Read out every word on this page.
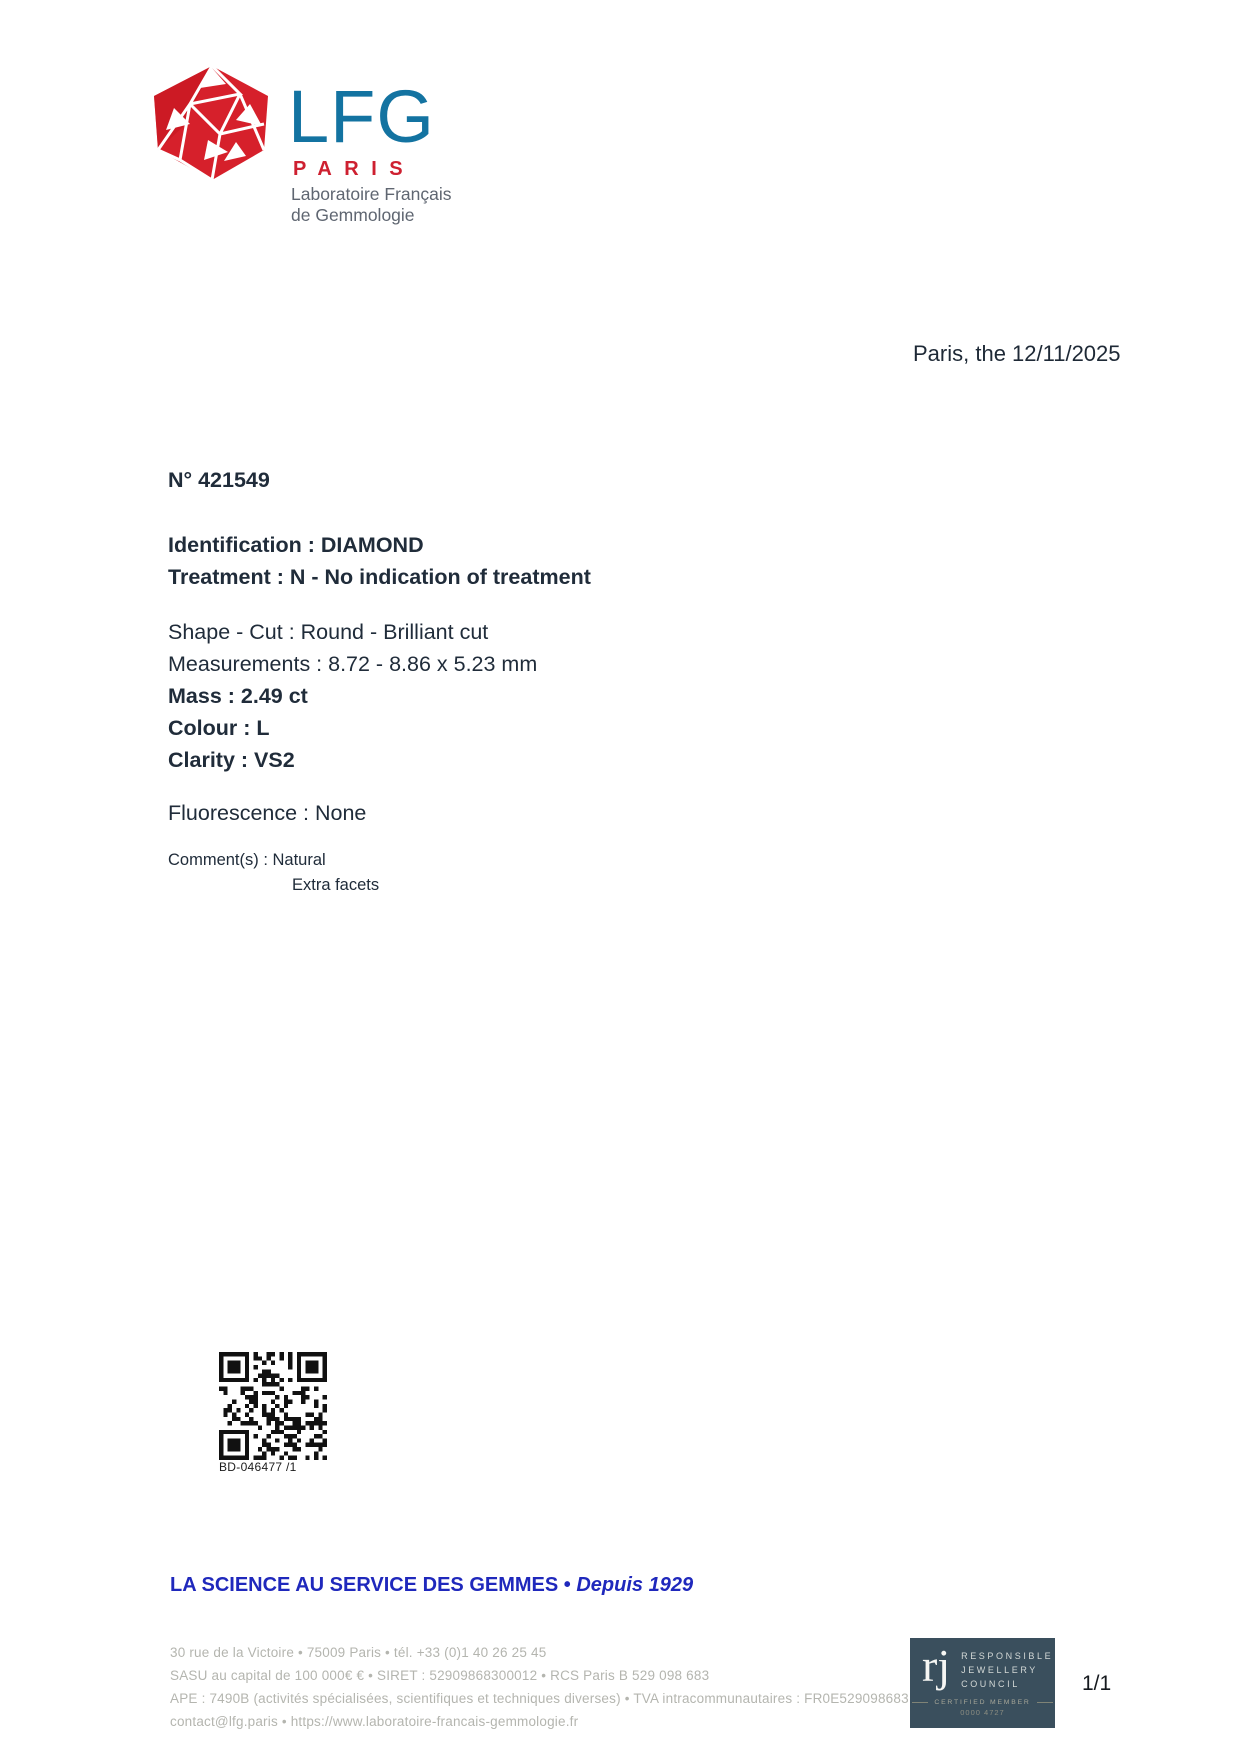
LFG
PARIS
Laboratoire Français
de Gemmologie
Paris, the 12/11/2025
N° 421549
Identification : DIAMOND
Treatment : N - No indication of treatment
Shape - Cut : Round - Brilliant cut
Measurements : 8.72 - 8.86 x 5.23 mm
Mass : 2.49 ct
Colour : L
Clarity : VS2
Fluorescence : None
Comment(s) : Natural
Extra facets
BD-046477 /1
LA SCIENCE AU SERVICE DES GEMMES • Depuis 1929
30 rue de la Victoire • 75009 Paris • tél. +33 (0)1 40 26 25 45
SASU au capital de 100 000€ € • SIRET : 52909868300012 • RCS Paris B 529 098 683
APE : 7490B (activités spécialisées, scientifiques et techniques diverses) • TVA intracommunautaires : FR0E529098683
contact@lfg.paris • https://www.laboratoire-francais-gemmologie.fr
rj RESPONSIBLE
JEWELLERY
COUNCIL
CERTIFIED MEMBER
0000 4727
1/1
